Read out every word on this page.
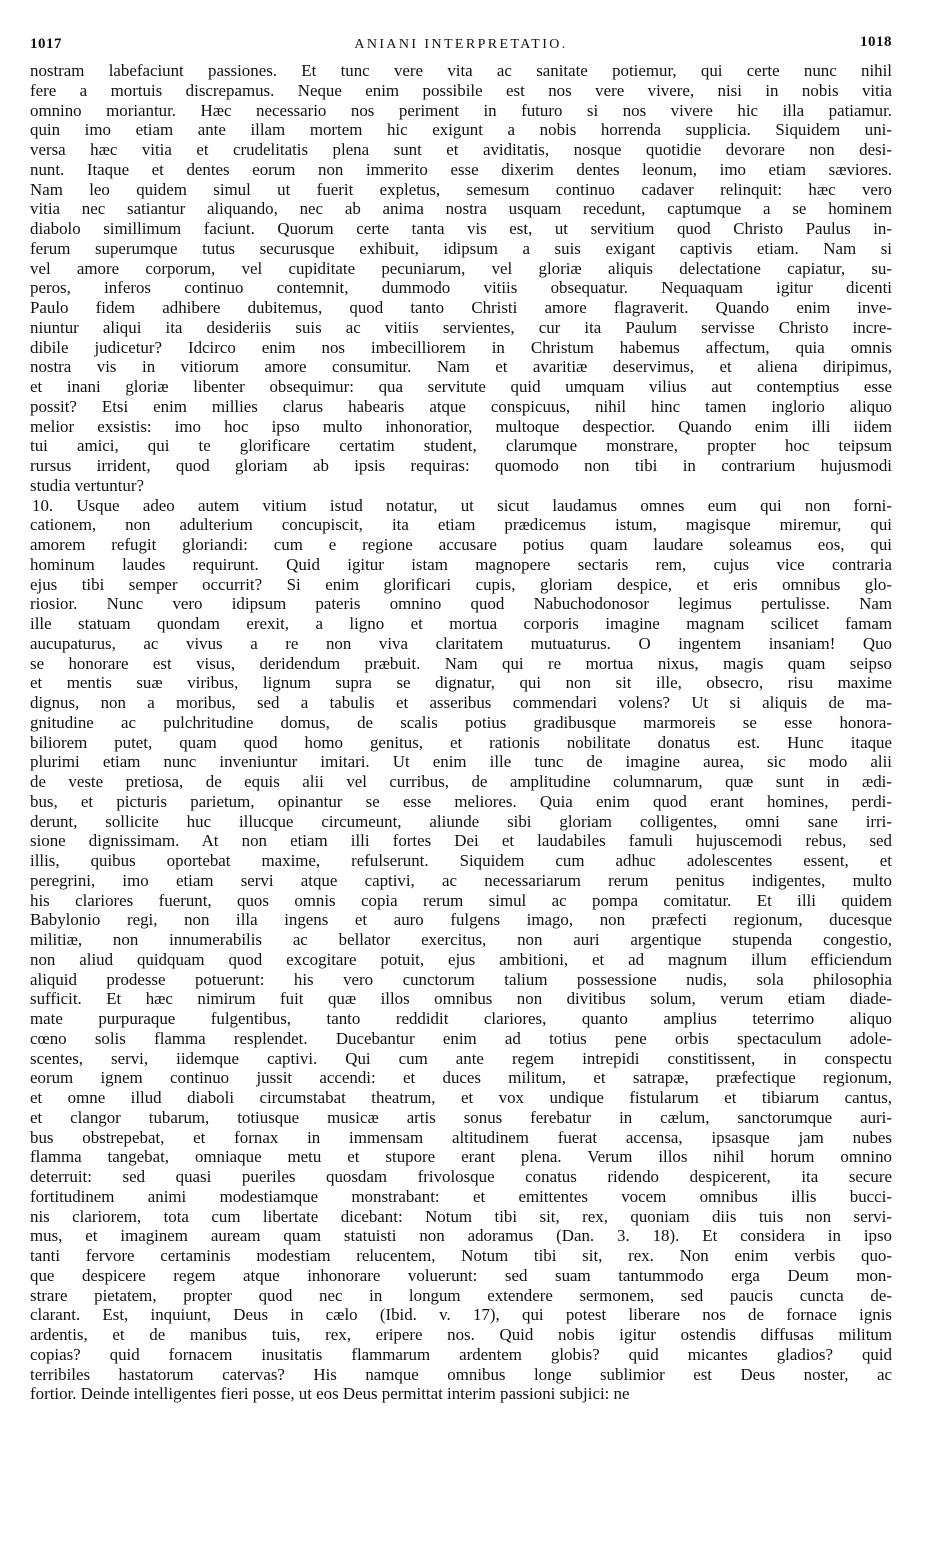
1017	ANIANI INTERPRETATIO.	1018
nostram labefaciunt passiones. Et tunc vere vita ac sanitate potiemur, qui certe nunc nihil
fere a mortuis discrepamus. Neque enim possibile est nos vere vivere, nisi in nobis vitia
omnino moriantur. Hæc necessario nos periment in futuro si nos vivere hic illa patiamur.
quin imo etiam ante illam mortem hic exigunt a nobis horrenda supplicia. Siquidem uni-
versa hæc vitia et crudelitatis plena sunt et aviditatis, nosque quotidie devorare non desi-
nunt. Itaque et dentes eorum non immerito esse dixerim dentes leonum, imo etiam sæviores.
Nam leo quidem simul ut fuerit expletus, semesum continuo cadaver relinquit: hæc vero
vitia nec satiantur aliquando, nec ab anima nostra usquam recedunt, captumque a se hominem
diabolo simillimum faciunt. Quorum certe tanta vis est, ut servitium quod Christo Paulus in-
ferum superumque tutus securusque exhibuit, idipsum a suis exigant captivis etiam. Nam si
vel amore corporum, vel cupiditate pecuniarum, vel gloriæ aliquis delectatione capiatur, su-
peros, inferos continuo contemnit, dummodo vitiis obsequatur. Nequaquam igitur dicenti
Paulo fidem adhibere dubitemus, quod tanto Christi amore flagraverit. Quando enim inve-
niuntur aliqui ita desideriis suis ac vitiis servientes, cur ita Paulum servisse Christo incre-
dibile judicetur? Idcirco enim nos imbecilliorem in Christum habemus affectum, quia omnis
nostra vis in vitiorum amore consumitur. Nam et avaritiæ deservimus, et aliena diripimus,
et inani gloriæ libenter obsequimur: qua servitute quid umquam vilius aut contemptius esse
possit? Etsi enim millies clarus habearis atque conspicuus, nihil hinc tamen inglorio aliquo
melior exsistis: imo hoc ipso multo inhonoratior, multoque despectior. Quando enim illi iidem
tui amici, qui te glorificare certatim student, clarumque monstrare, propter hoc teipsum
rursus irrident, quod gloriam ab ipsis requiras: quomodo non tibi in contrarium hujusmodi
studia vertuntur?
10. Usque adeo autem vitium istud notatur, ut sicut laudamus omnes eum qui non forni-
cationem, non adulterium concupiscit, ita etiam prædicemus istum, magisque miremur, qui
amorem refugit gloriandi: cum e regione accusare potius quam laudare soleamus eos, qui
hominum laudes requirunt. Quid igitur istam magnopere sectaris rem, cujus vice contraria
ejus tibi semper occurrit? Si enim glorificari cupis, gloriam despice, et eris omnibus glo-
riosior. Nunc vero idipsum pateris omnino quod Nabuchodonosor legimus pertulisse. Nam
ille statuam quondam erexit, a ligno et mortua corporis imagine magnam scilicet famam
aucupaturus, ac vivus a re non viva claritatem mutuaturus. O ingentem insaniam! Quo
se honorare est visus, deridendum præbuit. Nam qui re mortua nixus, magis quam seipso
et mentis suæ viribus, lignum supra se dignatur, qui non sit ille, obsecro, risu maxime
dignus, non a moribus, sed a tabulis et asseribus commendari volens? Ut si aliquis de ma-
gnitudine ac pulchritudine domus, de scalis potius gradibusque marmoreis se esse honora-
biliorem putet, quam quod homo genitus, et rationis nobilitate donatus est. Hunc itaque
plurimi etiam nunc inveniuntur imitari. Ut enim ille tunc de imagine aurea, sic modo alii
de veste pretiosa, de equis alii vel curribus, de amplitudine columnarum, quæ sunt in ædi-
bus, et picturis parietum, opinantur se esse meliores. Quia enim quod erant homines, perdi-
derunt, sollicite huc illucque circumeunt, aliunde sibi gloriam colligentes, omni sane irri-
sione dignissimam. At non etiam illi fortes Dei et laudabiles famuli hujuscemodi rebus, sed
illis, quibus oportebat maxime, refulserunt. Siquidem cum adhuc adolescentes essent, et
peregrini, imo etiam servi atque captivi, ac necessariarum rerum penitus indigentes, multo
his clariores fuerunt, quos omnis copia rerum simul ac pompa comitatur. Et illi quidem
Babylonio regi, non illa ingens et auro fulgens imago, non præfecti regionum, ducesque
militiæ, non innumerabilis ac bellator exercitus, non auri argentique stupenda congestio,
non aliud quidquam quod excogitare potuit, ejus ambitioni, et ad magnum illum efficiendum
aliquid prodesse potuerunt: his vero cunctorum talium possessione nudis, sola philosophia
sufficit. Et hæc nimirum fuit quæ illos omnibus non divitibus solum, verum etiam diade-
mate purpuraque fulgentibus, tanto reddidit clariores, quanto amplius teterrimo aliquo
cœno solis flamma resplendet. Ducebantur enim ad totius pene orbis spectaculum adole-
scentes, servi, iidemque captivi. Qui cum ante regem intrepidi constitissent, in conspectu
eorum ignem continuo jussit accendi: et duces militum, et satrapæ, præfectique regionum,
et omne illud diaboli circumstabat theatrum, et vox undique fistularum et tibiarum cantus,
et clangor tubarum, totiusque musicæ artis sonus ferebatur in cælum, sanctorumque auri-
bus obstrepebat, et fornax in immensam altitudinem fuerat accensa, ipsasque jam nubes
flamma tangebat, omniaque metu et stupore erant plena. Verum illos nihil horum omnino
deterruit: sed quasi pueriles quosdam frivolosque conatus ridendo despicerent, ita secure
fortitudinem animi modestiamque monstrabant: et emittentes vocem omnibus illis bucci-
nis clariorem, tota cum libertate dicebant: Notum tibi sit, rex, quoniam diis tuis non servi-
mus, et imaginem auream quam statuisti non adoramus (Dan. 3. 18). Et considera in ipso
tanti fervore certaminis modestiam relucentem, Notum tibi sit, rex. Non enim verbis quo-
que despicere regem atque inhonorare voluerunt: sed suam tantummodo erga Deum mon-
strare pietatem, propter quod nec in longum extendere sermonem, sed paucis cuncta de-
clarant. Est, inquiunt, Deus in cælo (Ibid. v. 17), qui potest liberare nos de fornace ignis
ardentis, et de manibus tuis, rex, eripere nos. Quid nobis igitur ostendis diffusas militum
copias? quid fornacem inusitatis flammarum ardentem globis? quid micantes gladios? quid
terribiles hastatorum catervas? His namque omnibus longe sublimior est Deus noster, ac
fortior. Deinde intelligentes fieri posse, ut eos Deus permittat interim passioni subjici: ne
